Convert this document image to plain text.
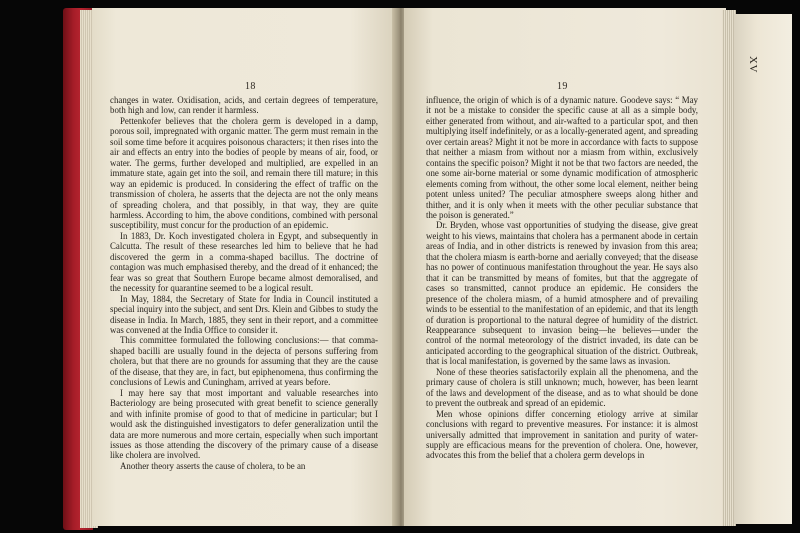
18

changes in water. Oxidisation, acids, and certain degrees of temperature, both high and low, can render it harmless.

Pettenkofer believes that the cholera germ is developed in a damp, porous soil, impregnated with organic matter. The germ must remain in the soil some time before it acquires poisonous characters; it then rises into the air and effects an entry into the bodies of people by means of air, food, or water. The germs, further developed and multiplied, are expelled in an immature state, again get into the soil, and remain there till mature; in this way an epidemic is produced. In considering the effect of traffic on the transmission of cholera, he asserts that the dejecta are not the only means of spreading cholera, and that possibly, in that way, they are quite harmless. According to him, the above conditions, combined with personal susceptibility, must concur for the production of an epidemic.

In 1883, Dr. Koch investigated cholera in Egypt, and subsequently in Calcutta. The result of these researches led him to believe that he had discovered the germ in a comma-shaped bacillus. The doctrine of contagion was much emphasised thereby, and the dread of it enhanced; the fear was so great that Southern Europe became almost demoralised, and the necessity for quarantine seemed to be a logical result.

In May, 1884, the Secretary of State for India in Council instituted a special inquiry into the subject, and sent Drs. Klein and Gibbes to study the disease in India. In March, 1885, they sent in their report, and a committee was convened at the India Office to consider it.

This committee formulated the following conclusions:— that comma-shaped bacilli are usually found in the dejecta of persons suffering from cholera, but that there are no grounds for assuming that they are the cause of the disease, that they are, in fact, but epiphenomena, thus confirming the conclusions of Lewis and Cuningham, arrived at years before.

I may here say that most important and valuable researches into Bacteriology are being prosecuted with great benefit to science generally and with infinite promise of good to that of medicine in particular; but I would ask the distinguished investigators to defer generalization until the data are more numerous and more certain, especially when such important issues as those attending the discovery of the primary cause of a disease like cholera are involved.

Another theory asserts the cause of cholera, to be an

19

influence, the origin of which is of a dynamic nature. Goodeve says: “ May it not be a mistake to consider the specific cause at all as a simple body, either generated from without, and air-wafted to a particular spot, and then multiplying itself indefinitely, or as a locally-generated agent, and spreading over certain areas? Might it not be more in accordance with facts to suppose that neither a miasm from without nor a miasm from within, exclusively contains the specific poison? Might it not be that two factors are needed, the one some air-borne material or some dynamic modification of atmospheric elements coming from without, the other some local element, neither being potent unless united? The peculiar atmosphere sweeps along hither and thither, and it is only when it meets with the other peculiar substance that the poison is generated.”

Dr. Bryden, whose vast opportunities of studying the disease, give great weight to his views, maintains that cholera has a permanent abode in certain areas of India, and in other districts is renewed by invasion from this area; that the cholera miasm is earth-borne and aerially conveyed; that the disease has no power of continuous manifestation throughout the year. He says also that it can be transmitted by means of fomites, but that the aggregate of cases so transmitted, cannot produce an epidemic. He considers the presence of the cholera miasm, of a humid atmosphere and of prevailing winds to be essential to the manifestation of an epidemic, and that its length of duration is proportional to the natural degree of humidity of the district. Reappearance subsequent to invasion being—he believes—under the control of the normal meteorology of the district invaded, its date can be anticipated according to the geographical situation of the district. Outbreak, that is local manifestation, is governed by the same laws as invasion.

None of these theories satisfactorily explain all the phenomena, and the primary cause of cholera is still unknown; much, however, has been learnt of the laws and development of the disease, and as to what should be done to prevent the outbreak and spread of an epidemic.

Men whose opinions differ concerning etiology arrive at similar conclusions with regard to preventive measures. For instance: it is almost universally admitted that improvement in sanitation and purity of water-supply are efficacious means for the prevention of cholera. One, however, advocates this from the belief that a cholera germ develops in

XV
